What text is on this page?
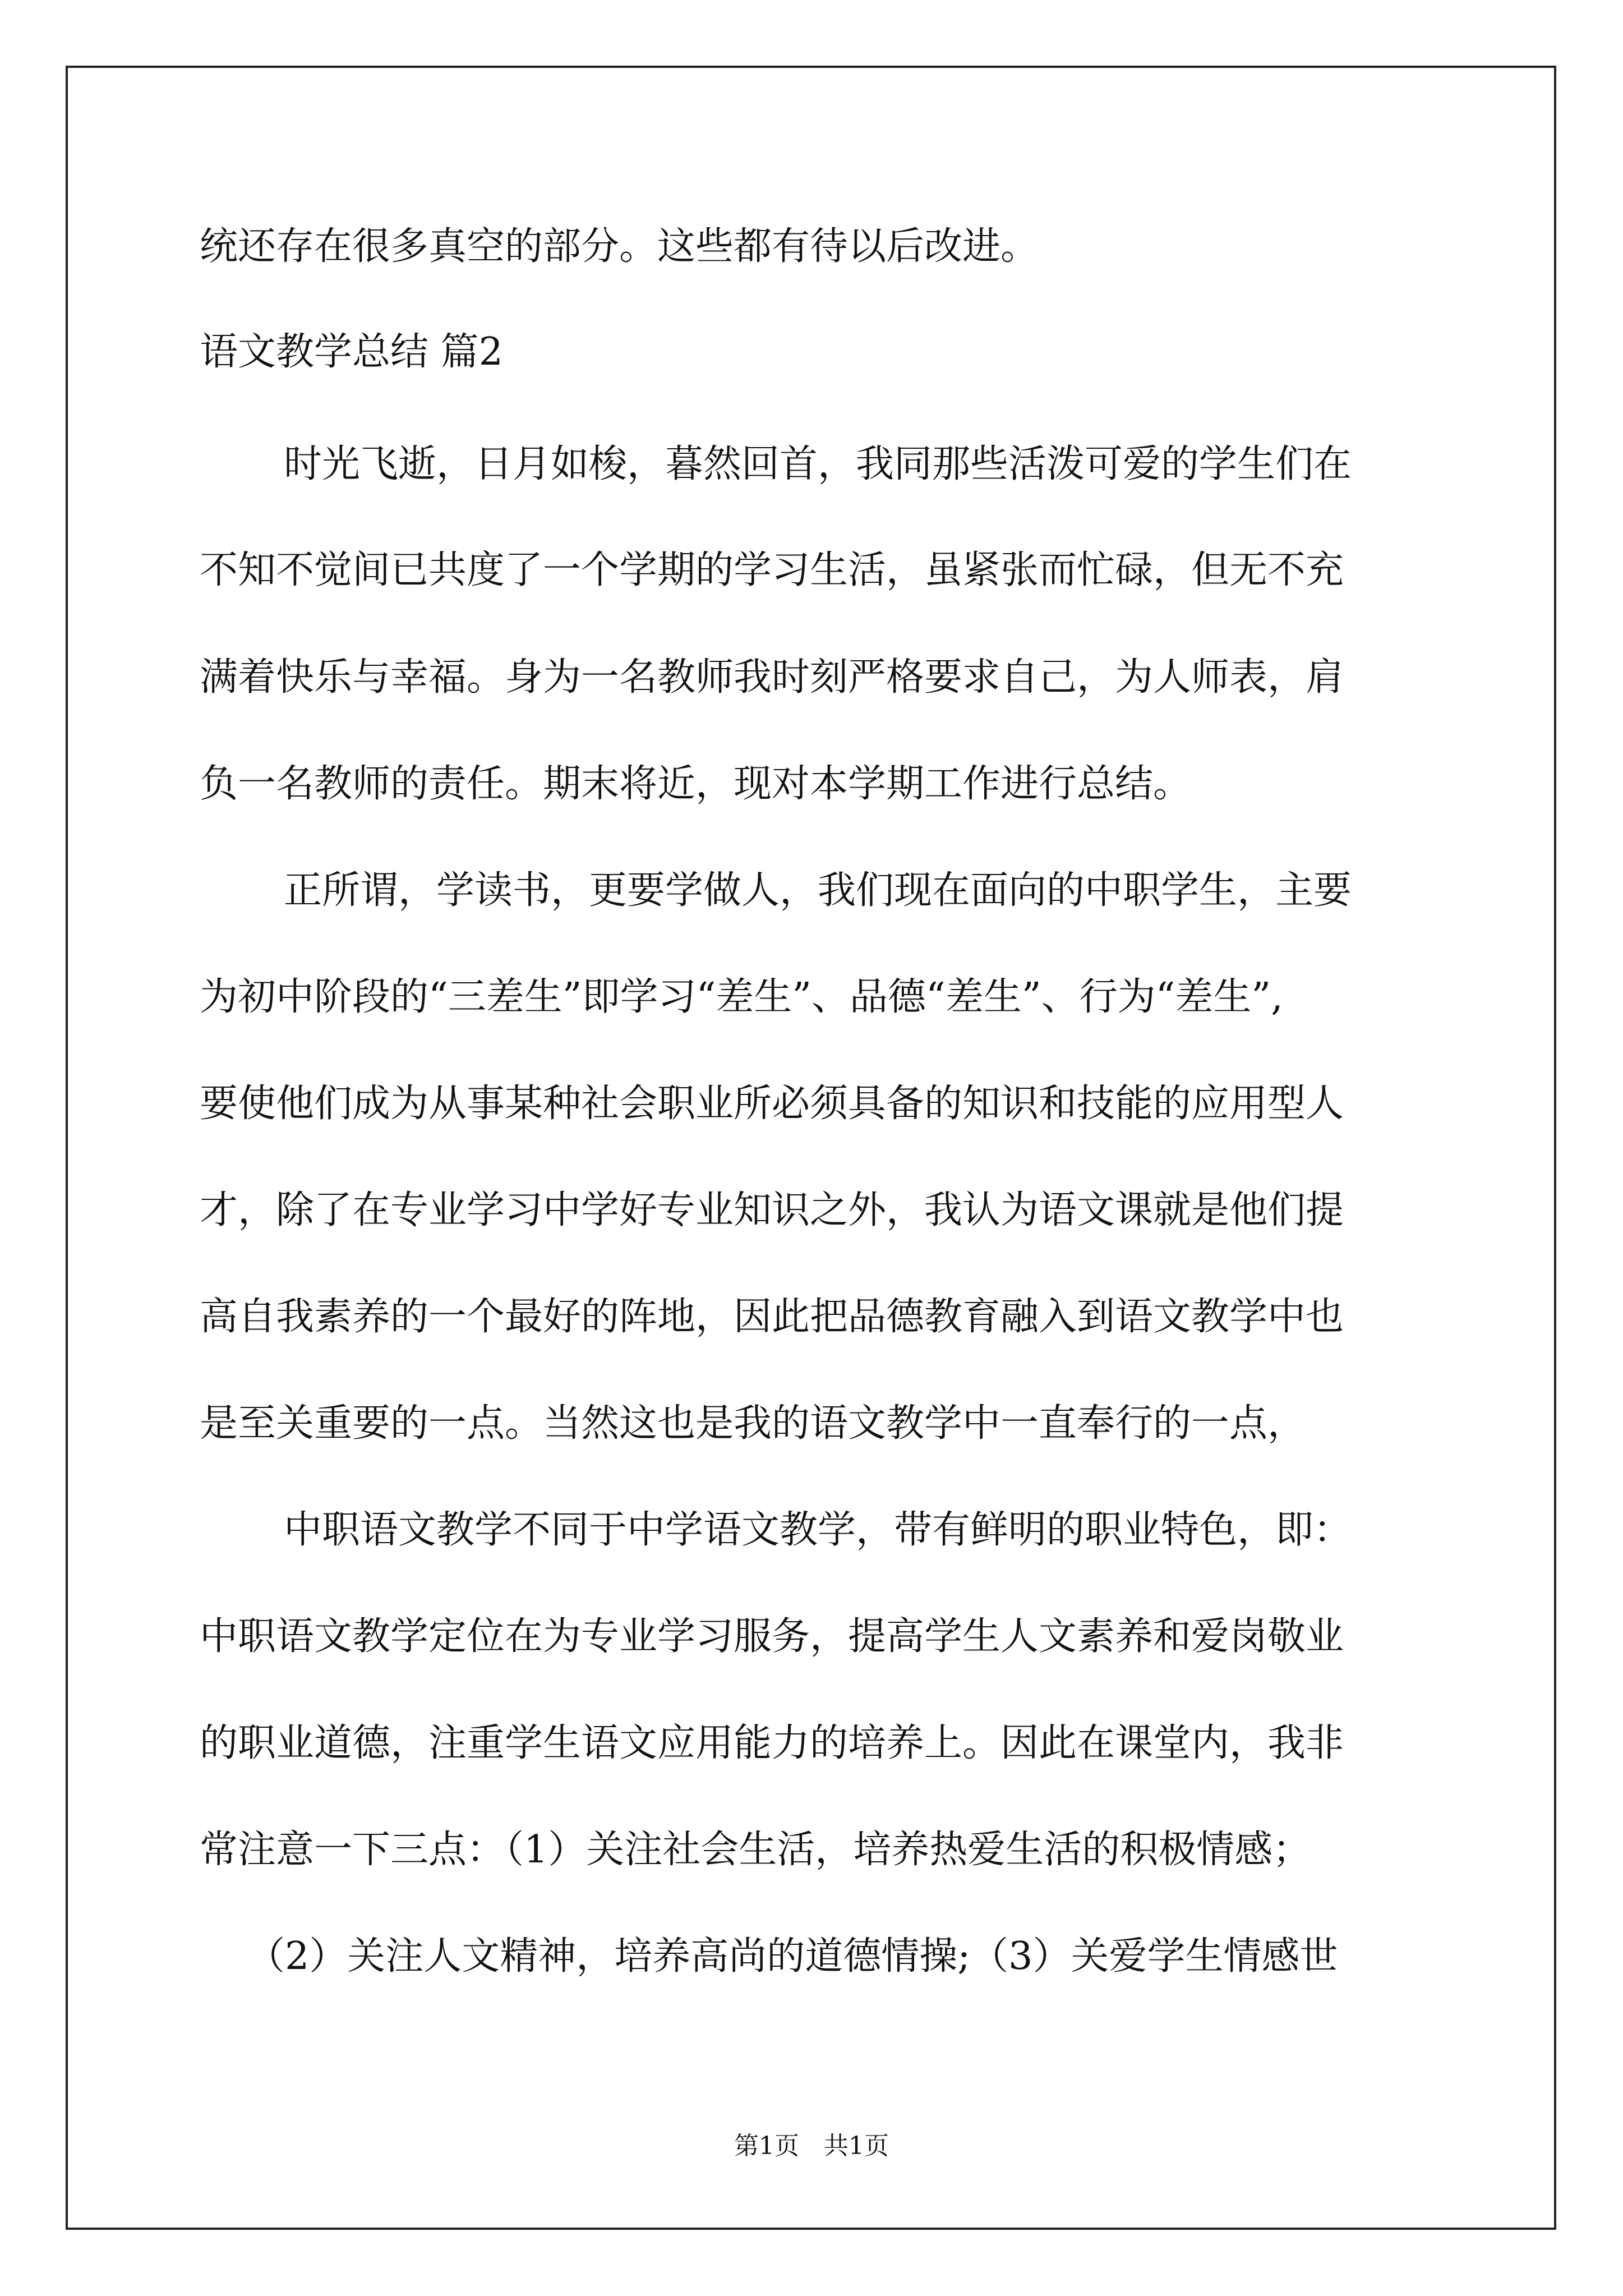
统还存在很多真空的部分。这些都有待以后改进。
语文教学总结 篇2
时光飞逝，日月如梭，暮然回首，我同那些活泼可爱的学生们在
不知不觉间已共度了一个学期的学习生活，虽紧张而忙碌，但无不充
满着快乐与幸福。身为一名教师我时刻严格要求自己，为人师表，肩
负一名教师的责任。期末将近，现对本学期工作进行总结。
正所谓，学读书，更要学做人，我们现在面向的中职学生，主要
为初中阶段的“三差生”即学习“差生”、品德“差生”、行为“差生”,
要使他们成为从事某种社会职业所必须具备的知识和技能的应用型人
才，除了在专业学习中学好专业知识之外，我认为语文课就是他们提
高自我素养的一个最好的阵地，因此把品德教育融入到语文教学中也
是至关重要的一点。当然这也是我的语文教学中一直奉行的一点，
中职语文教学不同于中学语文教学，带有鲜明的职业特色，即：
中职语文教学定位在为专业学习服务，提高学生人文素养和爱岗敬业
的职业道德，注重学生语文应用能力的培养上。因此在课堂内，我非
常注意一下三点：（1）关注社会生活，培养热爱生活的积极情感；
（2）关注人文精神，培养高尚的道德情操;（3）关爱学生情感世
第1页　共1页
